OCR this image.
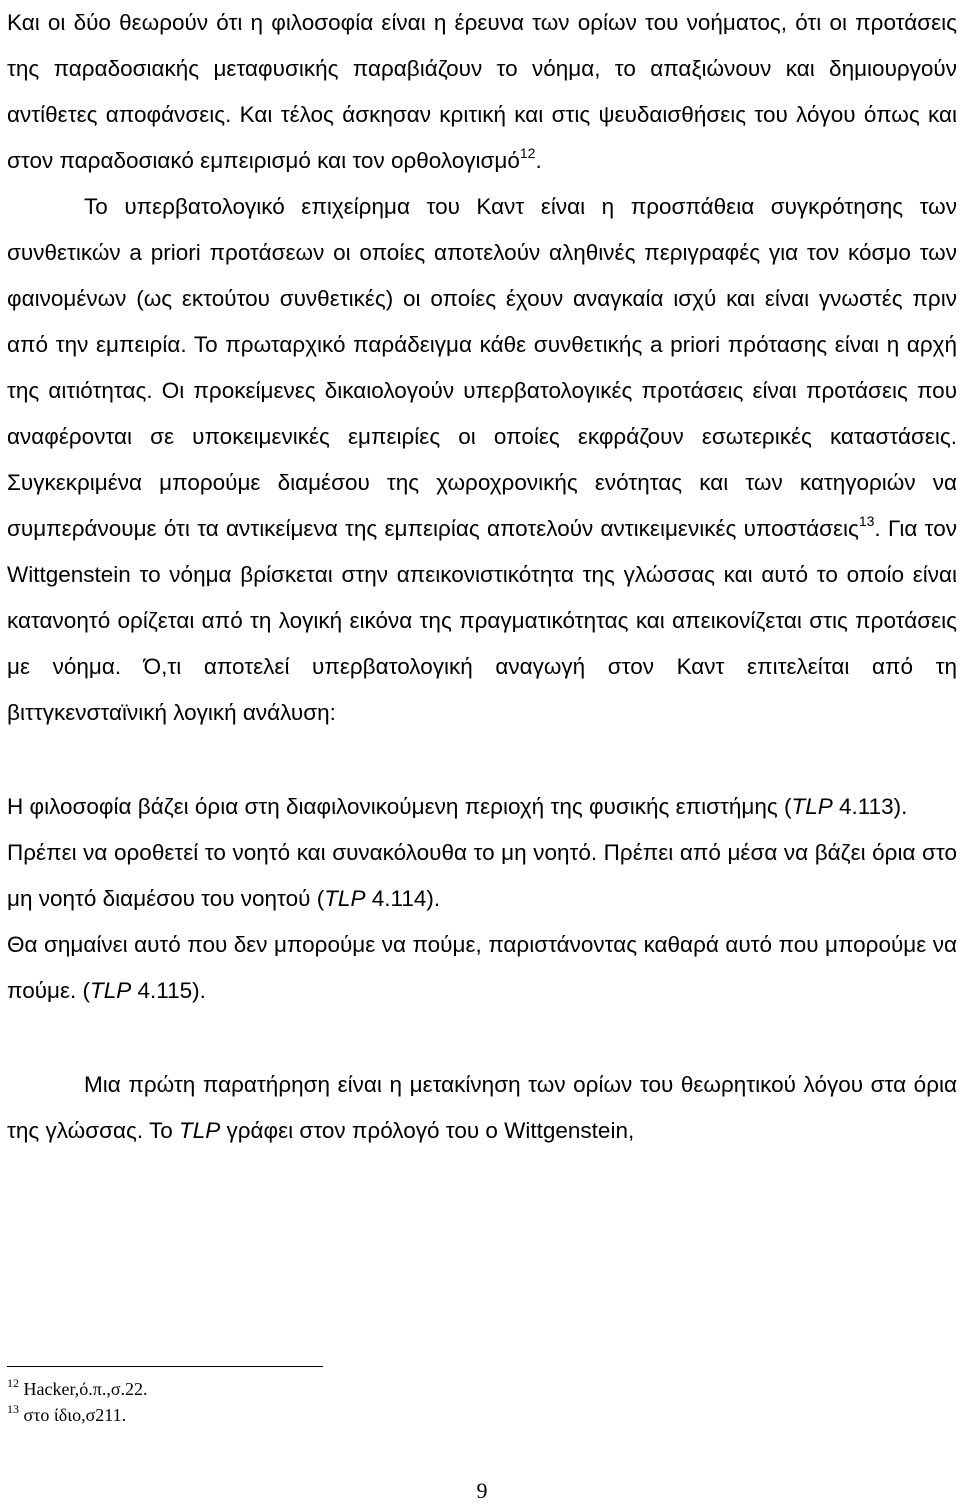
Και οι δύο θεωρούν ότι η φιλοσοφία είναι η έρευνα των ορίων του νοήματος, ότι οι προτάσεις της παραδοσιακής μεταφυσικής παραβιάζουν το νόημα, το απαξιώνουν και δημιουργούν αντίθετες αποφάνσεις. Και τέλος άσκησαν κριτική και στις ψευδαισθήσεις του λόγου όπως και στον παραδοσιακό εμπειρισμό και τον ορθολογισμό$^{12}$.

Το υπερβατολογικό επιχείρημα του Καντ είναι η προσπάθεια συγκρότησης των συνθετικών a priori προτάσεων οι οποίες αποτελούν αληθινές περιγραφές για τον κόσμο των φαινομένων (ως εκτούτου συνθετικές) οι οποίες έχουν αναγκαία ισχύ και είναι γνωστές πριν από την εμπειρία. Το πρωταρχικό παράδειγμα κάθε συνθετικής a priori πρότασης είναι η αρχή της αιτιότητας. Οι προκείμενες δικαιολογούν υπερβατολογικές προτάσεις είναι προτάσεις που αναφέρονται σε υποκειμενικές εμπειρίες οι οποίες εκφράζουν εσωτερικές καταστάσεις. Συγκεκριμένα μπορούμε διαμέσου της χωροχρονικής ενότητας και των κατηγοριών να συμπεράνουμε ότι τα αντικείμενα της εμπειρίας αποτελούν αντικειμενικές υποστάσεις$^{13}$. Για τον Wittgenstein το νόημα βρίσκεται στην απεικονιστικότητα της γλώσσας και αυτό το οποίο είναι κατανοητό ορίζεται από τη λογική εικόνα της πραγματικότητας και απεικονίζεται στις προτάσεις με νόημα. Ό,τι αποτελεί υπερβατολογική αναγωγή στον Καντ επιτελείται από τη βιττγκενσταϊνική λογική ανάλυση:

Η φιλοσοφία βάζει όρια στη διαφιλονικούμενη περιοχή της φυσικής επιστήμης (TLP 4.113).

Πρέπει να οροθετεί το νοητό και συνακόλουθα το μη νοητό. Πρέπει από μέσα να βάζει όρια στο μη νοητό διαμέσου του νοητού (TLP 4.114).

Θα σημαίνει αυτό που δεν μπορούμε να πούμε, παριστάνοντας καθαρά αυτό που μπορούμε να πούμε. (TLP 4.115).

Μια πρώτη παρατήρηση είναι η μετακίνηση των ορίων του θεωρητικού λόγου στα όρια της γλώσσας. Το TLP γράφει στον πρόλογό του ο Wittgenstein,

$^{12}$ Hacker,ό.π.,σ.22.
$^{13}$ στο ίδιο,σ211.
9
